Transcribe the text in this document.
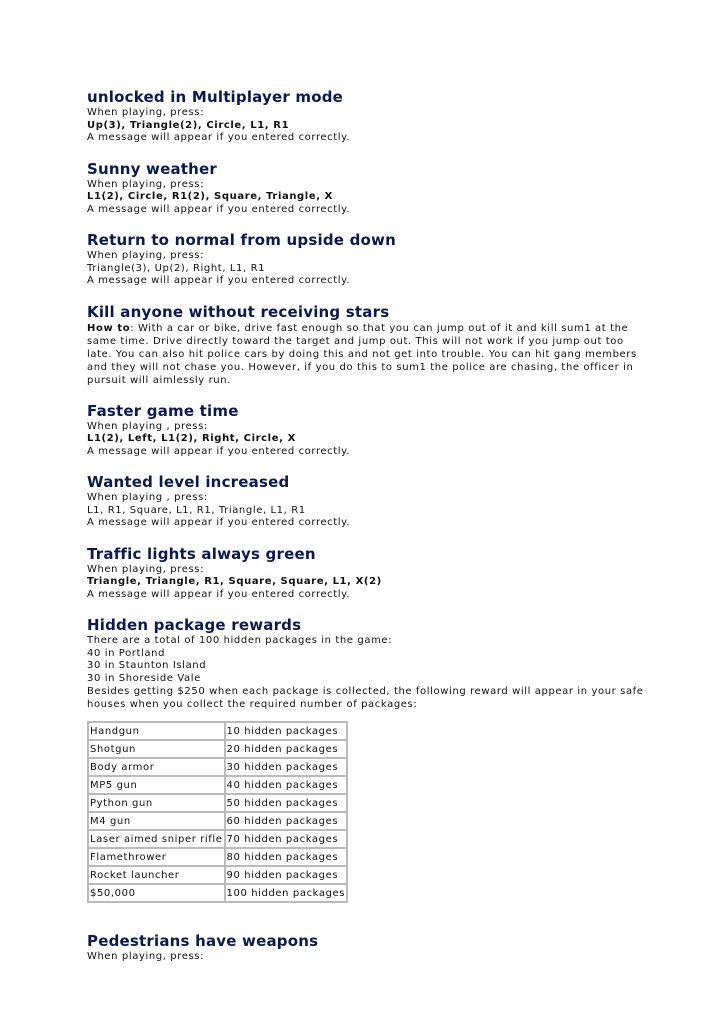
unlocked in Multiplayer mode

When playing, press:

Up(3), Triangle(2), Circle, L1, R1

A message will appear if you entered correctly.

Sunny weather

When playing, press:

L1(2), Circle, R1(2), Square, Triangle, X

A message will appear if you entered correctly.

Return to normal from upside down

When playing, press:

Triangle(3), Up(2), Right, L1, R1

A message will appear if you entered correctly.

Kill anyone without receiving stars

How to: With a car or bike, drive fast enough so that you can jump out of it and kill sum1 at the same time. Drive directly toward the target and jump out. This will not work if you jump out too late. You can also hit police cars by doing this and not get into trouble. You can hit gang members and they will not chase you. However, if you do this to sum1 the police are chasing, the officer in pursuit will aimlessly run.

Faster game time

When playing , press:

L1(2), Left, L1(2), Right, Circle, X

A message will appear if you entered correctly.

Wanted level increased

When playing , press:

L1, R1, Square, L1, R1, Triangle, L1, R1

A message will appear if you entered correctly.

Traffic lights always green

When playing, press:

Triangle, Triangle, R1, Square, Square, L1, X(2)

A message will appear if you entered correctly.

Hidden package rewards

There are a total of 100 hidden packages in the game:

40 in Portland

30 in Staunton Island

30 in Shoreside Vale

Besides getting $250 when each package is collected, the following reward will appear in your safe houses when you collect the required number of packages:

Handgun	10 hidden packages
Shotgun	20 hidden packages
Body armor	30 hidden packages
MP5 gun	40 hidden packages
Python gun	50 hidden packages
M4 gun	60 hidden packages
Laser aimed sniper rifle	70 hidden packages
Flamethrower	80 hidden packages
Rocket launcher	90 hidden packages
$50,000	100 hidden packages
Pedestrians have weapons

When playing, press:
